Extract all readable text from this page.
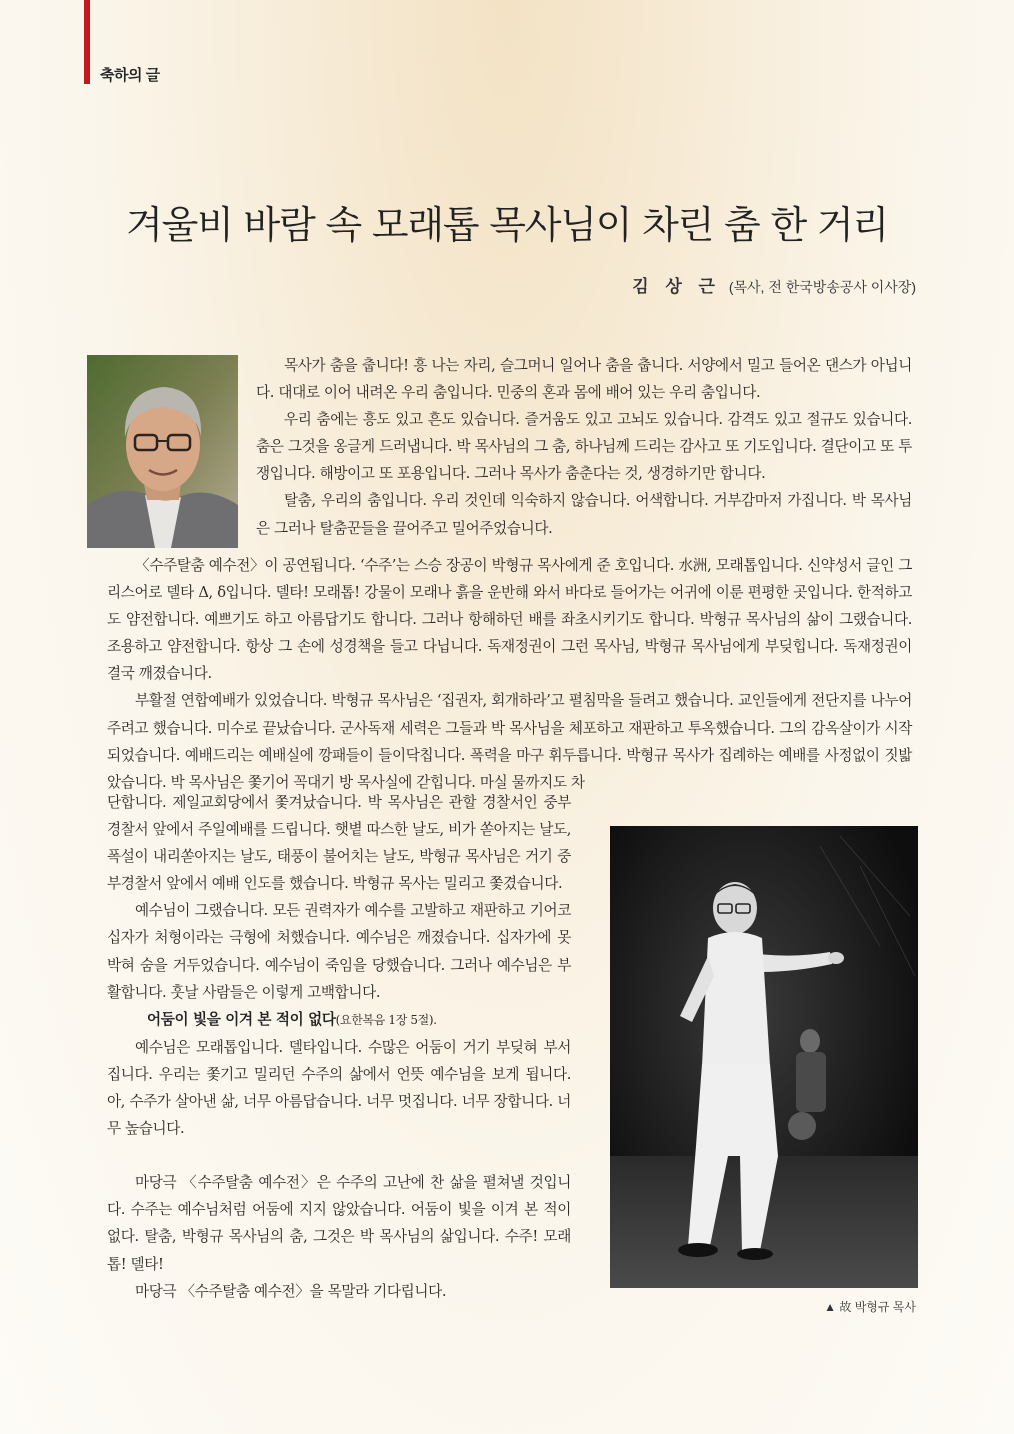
축하의 글
겨울비 바람 속 모래톱 목사님이 차린 춤 한 거리
김 상 근 (목사, 전 한국방송공사 이사장)

목사가 춤을 춥니다! 흥 나는 자리, 슬그머니 일어나 춤을 춥니다. 서양에서 밀고 들어온 댄스가 아닙니다. 대대로 이어 내려온 우리 춤입니다. 민중의 혼과 몸에 배어 있는 우리 춤입니다.

우리 춤에는 흥도 있고 흔도 있습니다. 즐거움도 있고 고뇌도 있습니다. 감격도 있고 절규도 있습니다. 춤은 그것을 옹글게 드러냅니다. 박 목사님의 그 춤, 하나님께 드리는 감사고 또 기도입니다. 결단이고 또 투쟁입니다. 해방이고 또 포용입니다. 그러나 목사가 춤춘다는 것, 생경하기만 합니다.

탈춤, 우리의 춤입니다. 우리 것인데 익숙하지 않습니다. 어색합니다. 거부감마저 가집니다. 박 목사님은 그러나 탈춤꾼들을 끌어주고 밀어주었습니다.

〈수주탈춤 예수전〉이 공연됩니다. ‘수주’는 스승 장공이 박형규 목사에게 준 호입니다. 水洲, 모래톱입니다. 신약성서 글인 그리스어로 델타 Δ, δ입니다. 델타! 모래톱! 강물이 모래나 흙을 운반해 와서 바다로 들어가는 어귀에 이룬 편평한 곳입니다. 한적하고도 얌전합니다. 예쁘기도 하고 아름답기도 합니다. 그러나 항해하던 배를 좌초시키기도 합니다. 박형규 목사님의 삶이 그랬습니다. 조용하고 얌전합니다. 항상 그 손에 성경책을 들고 다닙니다. 독재정권이 그런 목사님, 박형규 목사님에게 부딪힙니다. 독재정권이 결국 깨졌습니다.

부활절 연합예배가 있었습니다. 박형규 목사님은 ‘집권자, 회개하라’고 펼침막을 들려고 했습니다. 교인들에게 전단지를 나누어주려고 했습니다. 미수로 끝났습니다. 군사독재 세력은 그들과 박 목사님을 체포하고 재판하고 투옥했습니다. 그의 감옥살이가 시작되었습니다. 예배드리는 예배실에 깡패들이 들이닥칩니다. 폭력을 마구 휘두릅니다. 박형규 목사가 집례하는 예배를 사정없이 짓밟았습니다. 박 목사님은 쫓기어 꼭대기 방 목사실에 갇힙니다. 마실 물까지도 차

단합니다. 제일교회당에서 쫓겨났습니다. 박 목사님은 관할 경찰서인 중부경찰서 앞에서 주일예배를 드립니다. 햇볕 따스한 날도, 비가 쏟아지는 날도, 폭설이 내리쏟아지는 날도, 태풍이 불어치는 날도, 박형규 목사님은 거기 중부경찰서 앞에서 예배 인도를 했습니다. 박형규 목사는 밀리고 쫓겼습니다.

예수님이 그랬습니다. 모든 권력자가 예수를 고발하고 재판하고 기어코 십자가 처형이라는 극형에 처했습니다. 예수님은 깨졌습니다. 십자가에 못 박혀 숨을 거두었습니다. 예수님이 죽임을 당했습니다. 그러나 예수님은 부활합니다. 훗날 사람들은 이렇게 고백합니다.

어둠이 빛을 이겨 본 적이 없다(요한복음 1장 5절).

예수님은 모래톱입니다. 델타입니다. 수많은 어둠이 거기 부딪혀 부서집니다. 우리는 쫓기고 밀리던 수주의 삶에서 언뜻 예수님을 보게 됩니다. 아, 수주가 살아낸 삶, 너무 아름답습니다. 너무 멋집니다. 너무 장합니다. 너무 높습니다.

마당극 〈수주탈춤 예수전〉은 수주의 고난에 찬 삶을 펼쳐낼 것입니다. 수주는 예수님처럼 어둠에 지지 않았습니다. 어둠이 빛을 이겨 본 적이 없다. 탈춤, 박형규 목사님의 춤, 그것은 박 목사님의 삶입니다. 수주! 모래톱! 델타!

마당극 〈수주탈춤 예수전〉을 목말라 기다립니다.

▲ 故 박형규 목사
